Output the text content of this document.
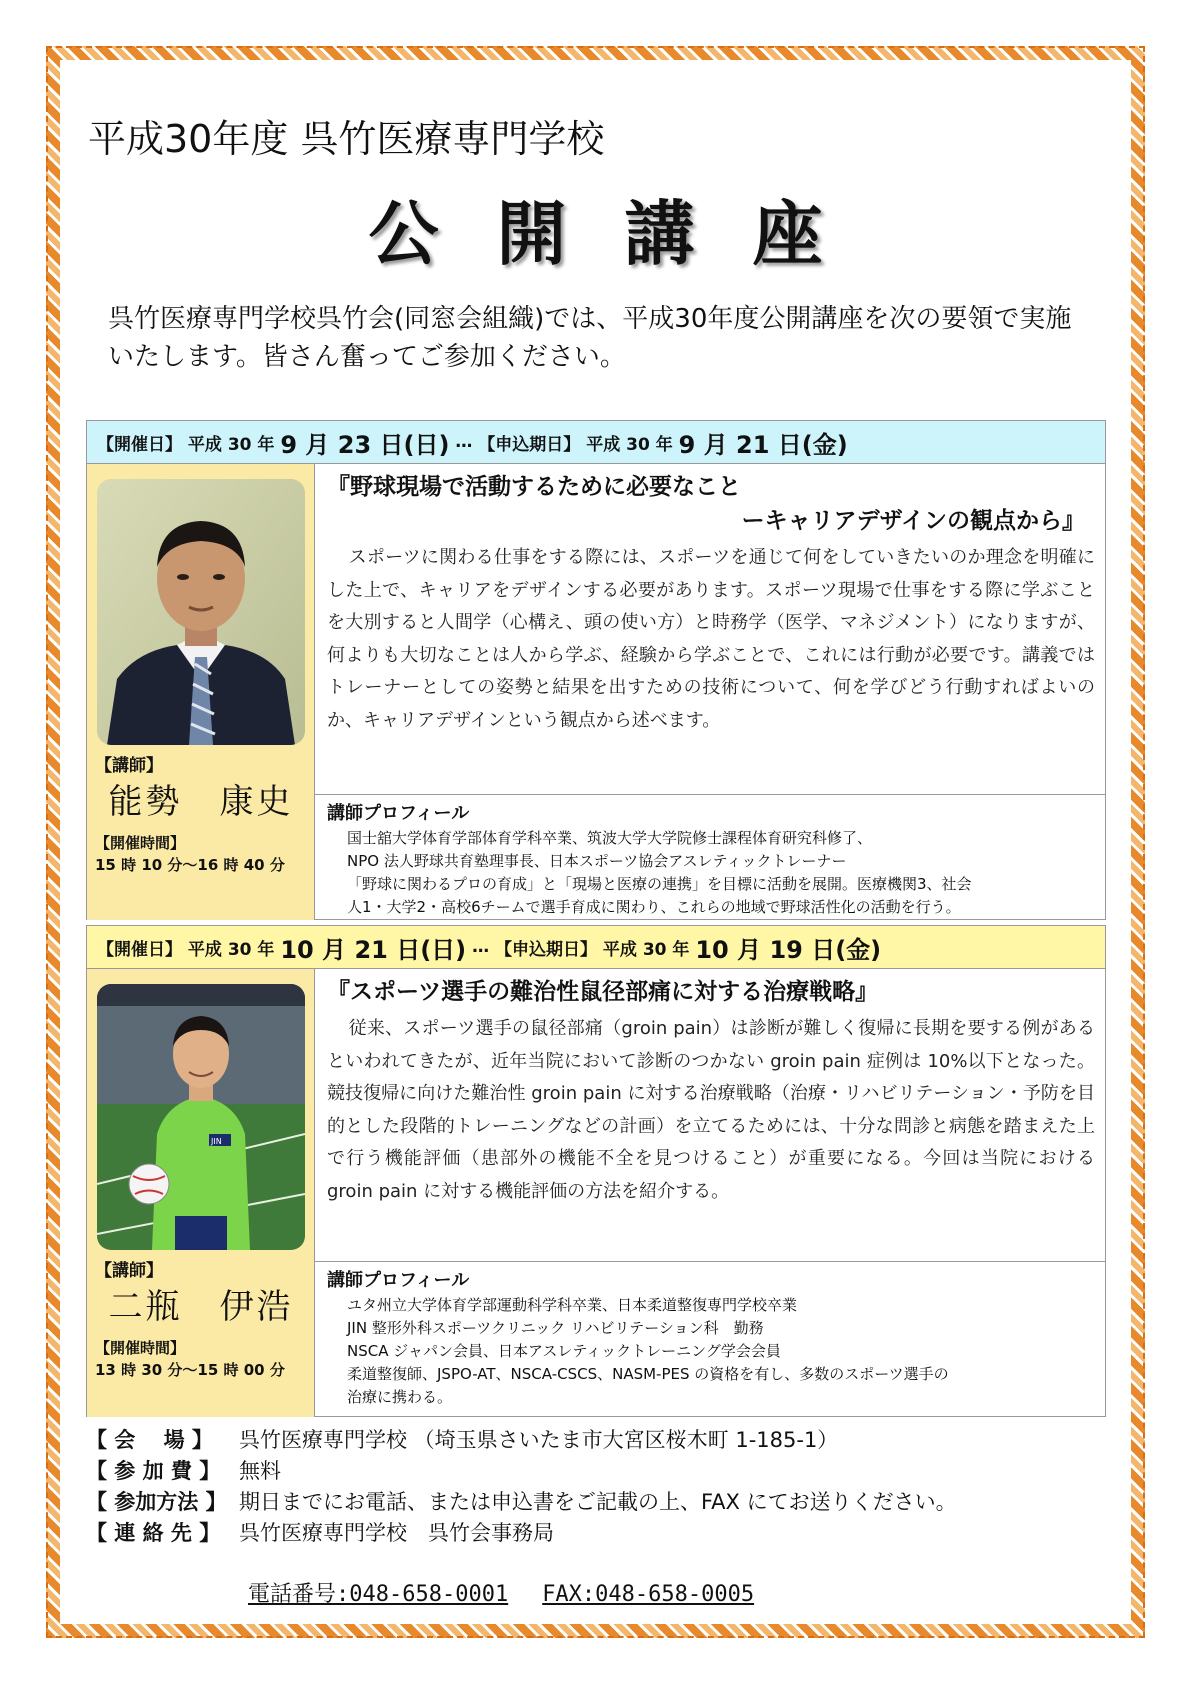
平成30年度 呉竹医療専門学校
公開講座
呉竹医療専門学校呉竹会(同窓会組織)では、平成30年度公開講座を次の要領で実施いたします。皆さん奮ってご参加ください。
【開催日】
平成 30 年
9 月 23 日(日)
…
【申込期日】
平成 30 年
9 月 21 日(金)
【講師】
能勢　康史
【開催時間】
15 時 10 分～16 時 40 分
『野球現場で活動するために必要なこと
ーキャリアデザインの観点から』
スポーツに関わる仕事をする際には、スポーツを通じて何をしていきたいのか理念を明確にした上で、キャリアをデザインする必要があります。スポーツ現場で仕事をする際に学ぶことを大別すると人間学（心構え、頭の使い方）と時務学（医学、マネジメント）になりますが、何よりも大切なことは人から学ぶ、経験から学ぶことで、これには行動が必要です。講義ではトレーナーとしての姿勢と結果を出すための技術について、何を学びどう行動すればよいのか、キャリアデザインという観点から述べます。
講師プロフィール
国士舘大学体育学部体育学科卒業、筑波大学大学院修士課程体育研究科修了、
NPO 法人野球共育塾理事長、日本スポーツ協会アスレティックトレーナー
「野球に関わるプロの育成」と「現場と医療の連携」を目標に活動を展開。医療機関3、社会
人1・大学2・高校6チームで選手育成に関わり、これらの地域で野球活性化の活動を行う。
【開催日】
平成 30 年
10 月 21 日(日)
…
【申込期日】
平成 30 年
10 月 19 日(金)
JIN
【講師】
二瓶　伊浩
【開催時間】
13 時 30 分～15 時 00 分
『スポーツ選手の難治性鼠径部痛に対する治療戦略』
従来、スポーツ選手の鼠径部痛（groin pain）は診断が難しく復帰に長期を要する例があるといわれてきたが、近年当院において診断のつかない groin pain 症例は 10%以下となった。競技復帰に向けた難治性 groin pain に対する治療戦略（治療・リハビリテーション・予防を目的とした段階的トレーニングなどの計画）を立てるためには、十分な問診と病態を踏まえた上で行う機能評価（患部外の機能不全を見つけること）が重要になる。今回は当院における groin pain に対する機能評価の方法を紹介する。
講師プロフィール
ユタ州立大学体育学部運動科学科卒業、日本柔道整復専門学校卒業
JIN 整形外科スポーツクリニック リハビリテーション科　勤務
NSCA ジャパン会員、日本アスレティックトレーニング学会会員
柔道整復師、JSPO-AT、NSCA-CSCS、NASM-PES の資格を有し、多数のスポーツ選手の
治療に携わる。
【 会　 場 】	呉竹医療専門学校 （埼玉県さいたま市大宮区桜木町 1-185-1）
【 参 加 費 】 無料
【 参加方法 】 期日までにお電話、または申込書をご記載の上、FAX にてお送りください。
【 連 絡 先 】 呉竹医療専門学校　呉竹会事務局
電話番号:048-658-0001 FAX:048-658-0005
